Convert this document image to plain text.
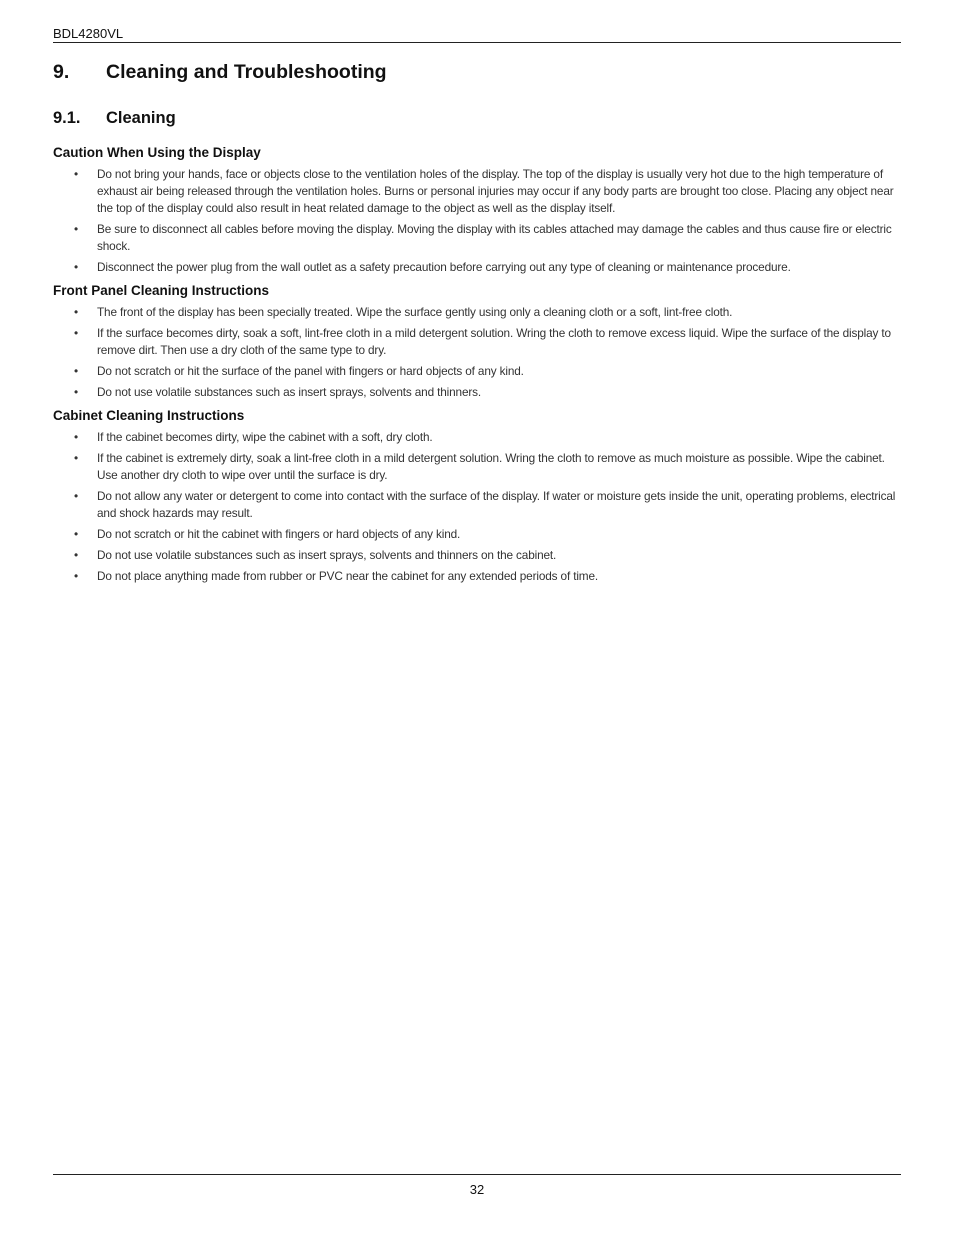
BDL4280VL
9. Cleaning and Troubleshooting
9.1. Cleaning
Caution When Using the Display
• Do not bring your hands, face or objects close to the ventilation holes of the display. The top of the display is usually very hot due to the high temperature of exhaust air being released through the ventilation holes. Burns or personal injuries may occur if any body parts are brought too close. Placing any object near the top of the display could also result in heat related damage to the object as well as the display itself.
• Be sure to disconnect all cables before moving the display. Moving the display with its cables attached may damage the cables and thus cause fire or electric shock.
• Disconnect the power plug from the wall outlet as a safety precaution before carrying out any type of cleaning or maintenance procedure.
Front Panel Cleaning Instructions
• The front of the display has been specially treated. Wipe the surface gently using only a cleaning cloth or a soft, lint-free cloth.
• If the surface becomes dirty, soak a soft, lint-free cloth in a mild detergent solution. Wring the cloth to remove excess liquid. Wipe the surface of the display to remove dirt. Then use a dry cloth of the same type to dry.
• Do not scratch or hit the surface of the panel with fingers or hard objects of any kind.
• Do not use volatile substances such as insert sprays, solvents and thinners.
Cabinet Cleaning Instructions
• If the cabinet becomes dirty, wipe the cabinet with a soft, dry cloth.
• If the cabinet is extremely dirty, soak a lint-free cloth in a mild detergent solution. Wring the cloth to remove as much moisture as possible. Wipe the cabinet. Use another dry cloth to wipe over until the surface is dry.
• Do not allow any water or detergent to come into contact with the surface of the display. If water or moisture gets inside the unit, operating problems, electrical and shock hazards may result.
• Do not scratch or hit the cabinet with fingers or hard objects of any kind.
• Do not use volatile substances such as insert sprays, solvents and thinners on the cabinet.
• Do not place anything made from rubber or PVC near the cabinet for any extended periods of time.
32
